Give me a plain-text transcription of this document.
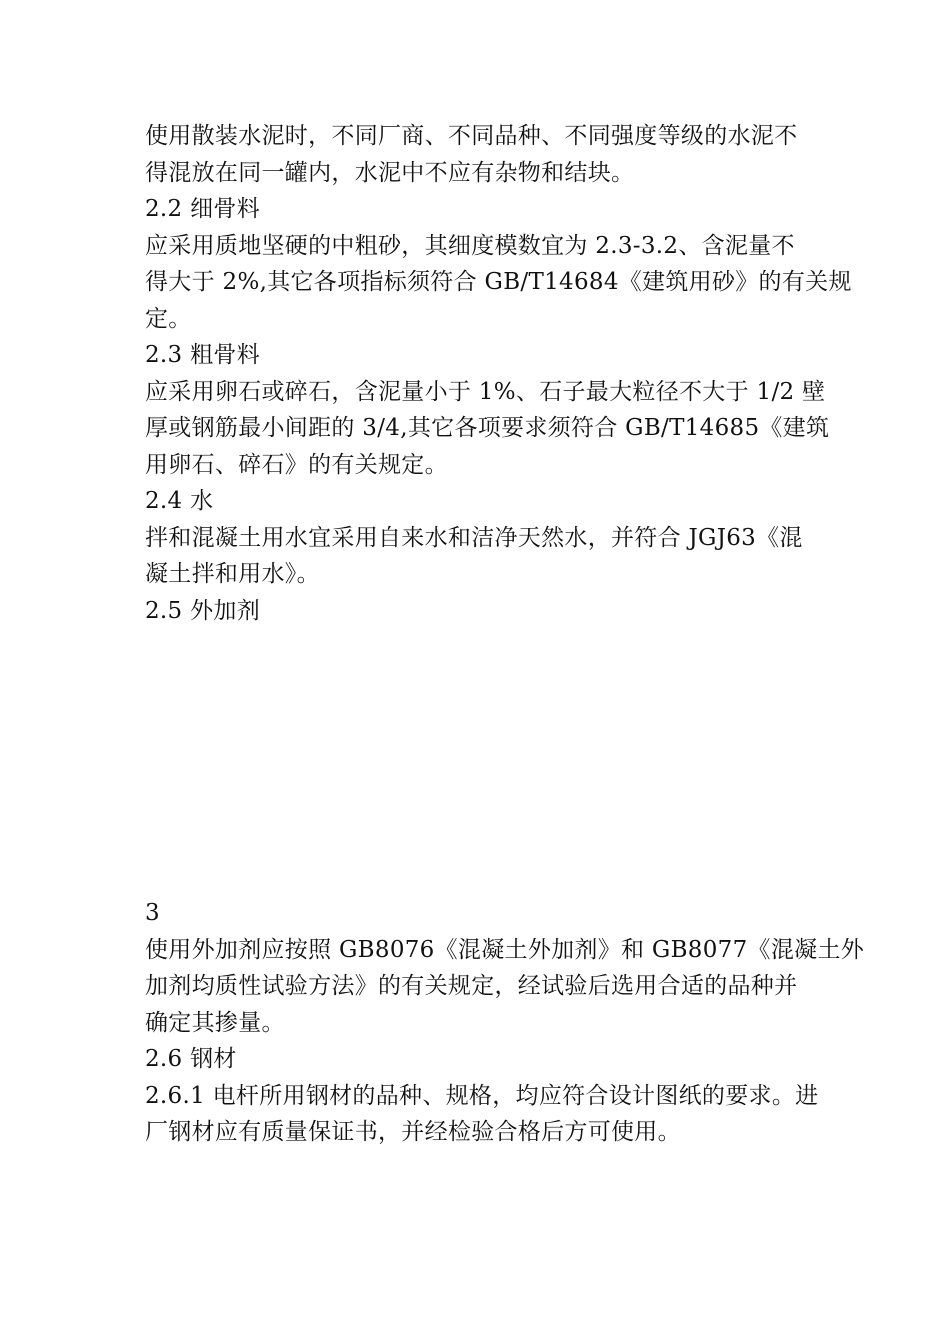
使用散装水泥时，不同厂商、不同品种、不同强度等级的水泥不
得混放在同一罐内，水泥中不应有杂物和结块。
2.2 细骨料
应采用质地坚硬的中粗砂，其细度模数宜为 2.3-3.2、含泥量不
得大于 2%,其它各项指标须符合 GB/T14684《建筑用砂》的有关规
定。
2.3 粗骨料
应采用卵石或碎石，含泥量小于 1%、石子最大粒径不大于 1/2 壁
厚或钢筋最小间距的 3/4,其它各项要求须符合 GB/T14685《建筑
用卵石、碎石》的有关规定。
2.4 水
拌和混凝土用水宜采用自来水和洁净天然水，并符合 JGJ63《混
凝土拌和用水》。
2.5 外加剂
3
使用外加剂应按照 GB8076《混凝土外加剂》和 GB8077《混凝土外
加剂均质性试验方法》的有关规定，经试验后选用合适的品种并
确定其掺量。
2.6 钢材
2.6.1 电杆所用钢材的品种、规格，均应符合设计图纸的要求。进
厂钢材应有质量保证书，并经检验合格后方可使用。
